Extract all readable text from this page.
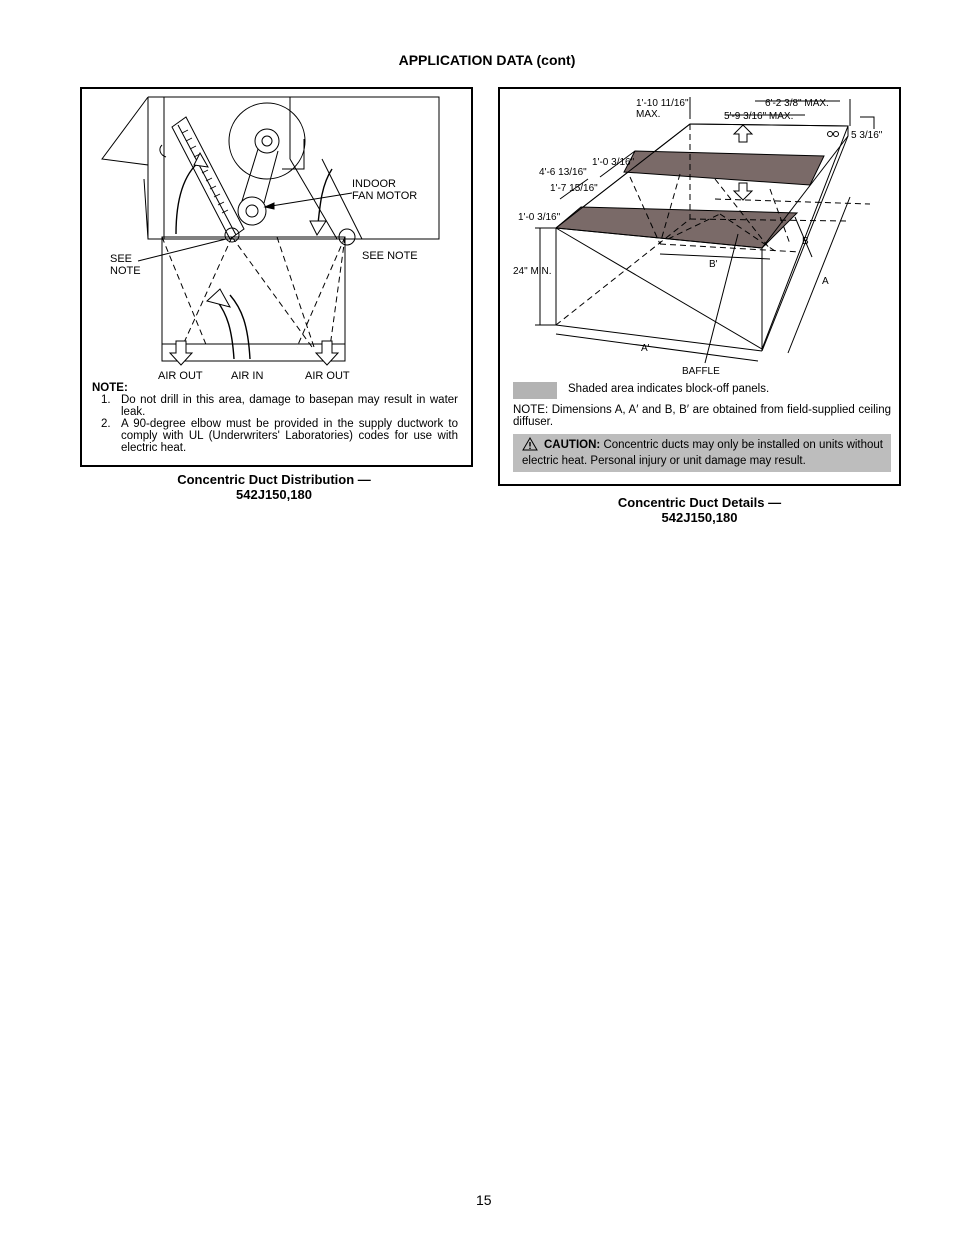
APPLICATION DATA (cont)
INDOOR
FAN MOTOR
SEE
NOTE
SEE NOTE
AIR OUT	AIR IN	AIR OUT
NOTE:
1. Do not drill in this area, damage to basepan may result in water leak.
2. A 90-degree elbow must be provided in the supply ductwork to comply with UL (Underwriters' Laboratories) codes for use with electric heat.
Concentric Duct Distribution —
542J150,180
1'-10 11/16"
MAX.
6'-2 3/8" MAX.
5'-9 3/16" MAX.
5 3/16"
1'-0 3/16"
4'-6 13/16"
1'-7 15/16"
1'-0 3/16"
24" MIN.
B
B'
A
A'
BAFFLE
Shaded area indicates block-off panels.
NOTE: Dimensions A, A′ and B, B′ are obtained from field-supplied ceiling diffuser.
CAUTION: Concentric ducts may only be installed on units without electric heat. Personal injury or unit damage may result.
Concentric Duct Details —
542J150,180
15
